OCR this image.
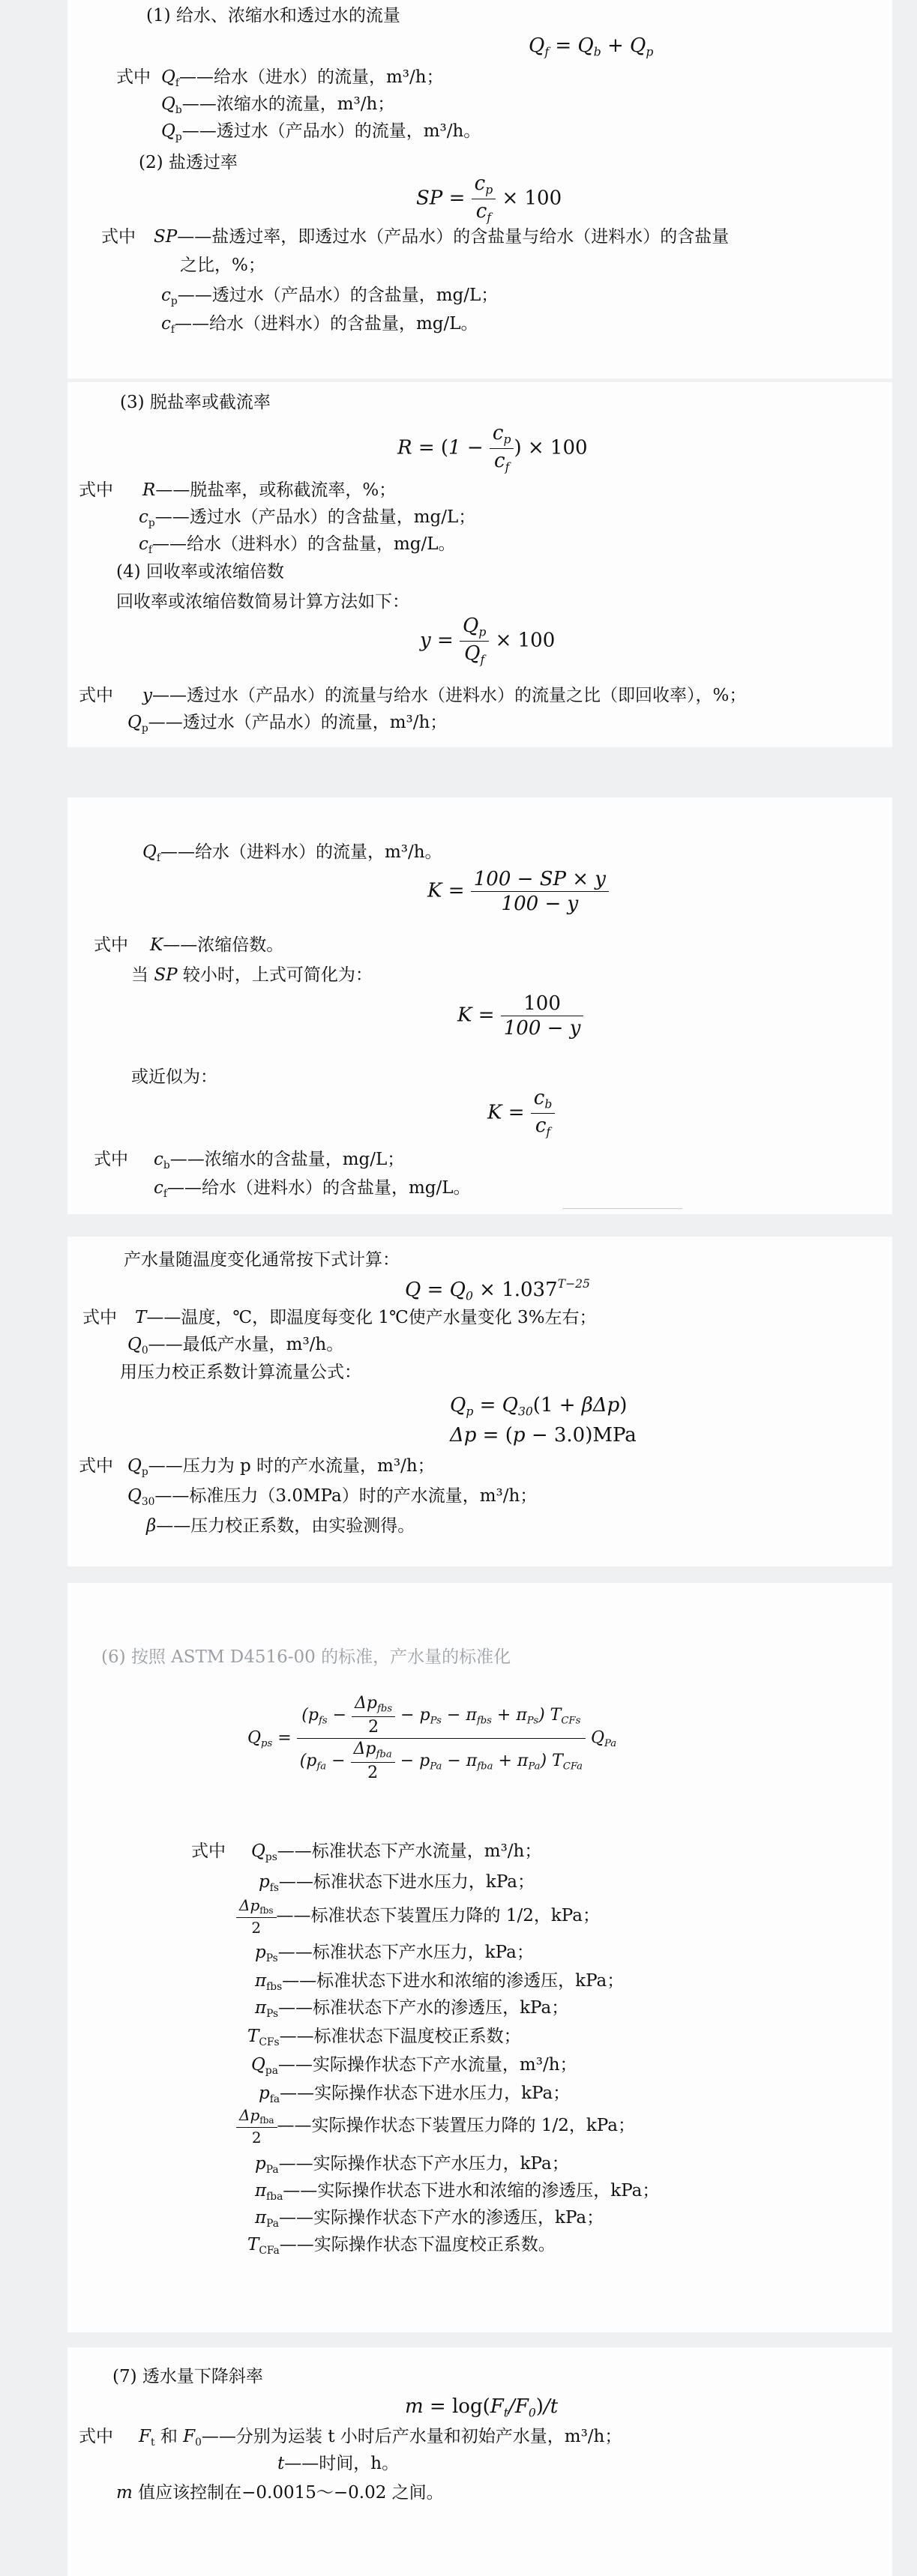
(1) 给水、浓缩水和透过水的流量
$Q_f = Q_b + Q_p$
式中 $Q_f——$给水（进水）的流量，m³/h；
$Q_b——$浓缩水的流量，m³/h；
$Q_p——$透过水（产品水）的流量，m³/h。
(2) 盐透过率
SP = $\frac{c_p}{c_f} \times 100$
式中 SP——盐透过率，即透过水（产品水）的含盐量与给水（进料水）的含盐量
之比，%；
$c_p——$透过水（产品水）的含盐量，mg/L；
$c_f——$给水（进料水）的含盐量，mg/L。
(3) 脱盐率或截流率
$R = (1 - \frac{c_p}{c_f}$ ) × 100
式中 R——脱盐率，或称截流率，%；
$c_p——$透过水（产品水）的含盐量，mg/L；
$c_f——$给水（进料水）的含盐量，mg/L。
(4) 回收率或浓缩倍数
回收率或浓缩倍数简易计算方法如下：
$y = \frac{Q_p}{Q_f} \times 100$
式中 y——透过水（产品水）的流量与给水（进料水）的流量之比（即回收率），%；
$Q_p——$透过水（产品水）的流量，m³/h；
$Q_f——$给水（进料水）的流量，m³/h。
$K = \frac{100 - SP \times y}{100 - y}$
式中 K——浓缩倍数。
当 SP 较小时，上式可简化为：
$K = \frac{100}{100 - y}$
或近似为：
$K = \frac{c_b}{c_f}$
式中 $c_b——$浓缩水的含盐量，mg/L；
$c_f——$给水（进料水）的含盐量，mg/L。
产水量随温度变化通常按下式计算：
$Q = Q_0 \times 1.037^{T-25}$
式中 T——温度，℃，即温度每变化 1℃使产水量变化 3%左右；
$Q_0——$最低产水量，m³/h。
用压力校正系数计算流量公式：
$Q_p = Q_{30}(1 + \beta\Delta p)$
Δp = (p − 3.0)MPa
式中 $Q_p——$压力为 p 时的产水流量，m³/h；
$Q_{30}——$标准压力（3.0MPa）时的产水流量，m³/h；
β——压力校正系数，由实验测得。
(6) 按照 ASTM D4516-00 的标准，产水量的标准化
$Q_{ps} = \frac{(p_{fs} - \frac{\Delta p_{fbs}}{2} - p_{Ps} - \pi_{fbs} + \pi_{Ps}) T_{CFs}}{(p_{fa} - \frac{\Delta p_{fba}}{2} - p_{Pa} - \pi_{fba} + \pi_{Pa}) T_{CFa}} Q_{Pa}$
式中 $Q_{ps}——$标准状态下产水流量，m³/h；
$p_{fs}——$标准状态下进水压力，kPa；
$\frac{\Delta p_{fbs}}{2}$ ——标准状态下装置压力降的 1/2，kPa；
$p_{Ps}——$标准状态下产水压力，kPa；
$\pi_{fbs}——$标准状态下进水和浓缩的渗透压，kPa；
$\pi_{Ps}——$标准状态下产水的渗透压，kPa；
$T_{CFs}——$标准状态下温度校正系数；
$Q_{pa}——$实际操作状态下产水流量，m³/h；
$p_{fa}——$实际操作状态下进水压力，kPa；
$\frac{\Delta p_{fba}}{2}$ ——实际操作状态下装置压力降的 1/2，kPa；
$p_{Pa}——$实际操作状态下产水压力，kPa；
$\pi_{fba}——$实际操作状态下进水和浓缩的渗透压，kPa；
$\pi_{Pa}——$实际操作状态下产水的渗透压，kPa；
$T_{CFa}——$实际操作状态下温度校正系数。
(7) 透水量下降斜率
$m = \log(F_t/F_0)/t$
式中 $F_t$ 和 $F_0——$分别为运装 t 小时后产水量和初始产水量，m³/h；
t——时间，h。
m 值应该控制在−0.0015～−0.02 之间。
